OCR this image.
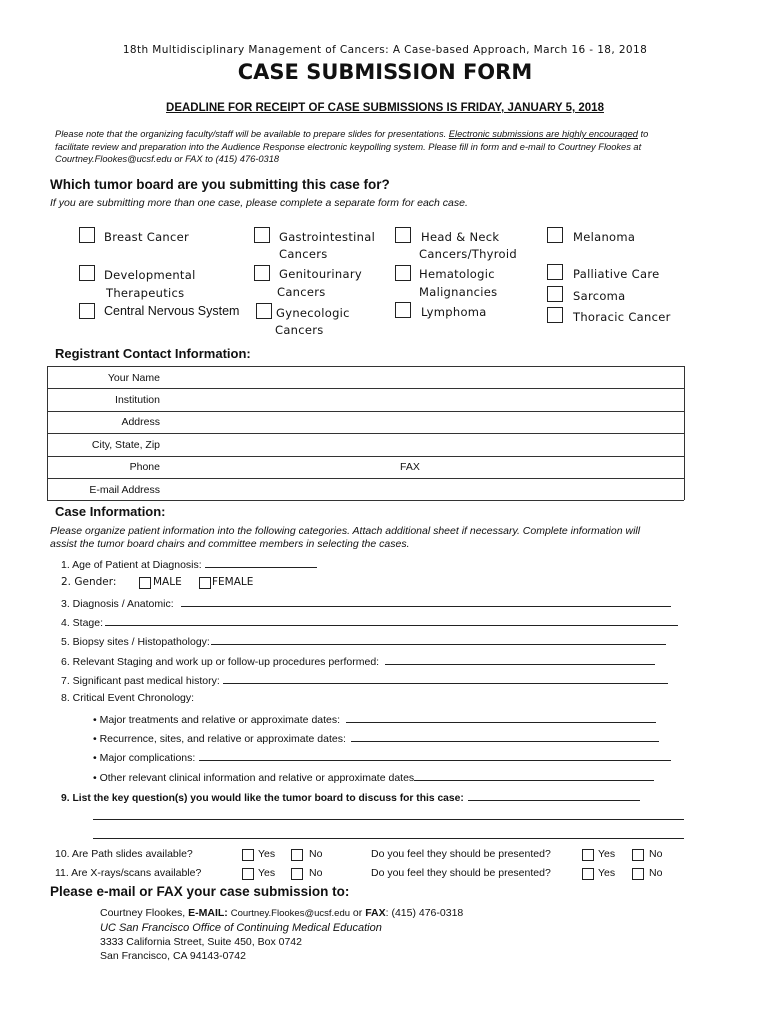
18th Multidisciplinary Management of Cancers: A Case-based Approach, March 16 - 18, 2018
CASE SUBMISSION FORM
DEADLINE FOR RECEIPT OF CASE SUBMISSIONS IS FRIDAY, JANUARY 5, 2018
Please note that the organizing faculty/staff will be available to prepare slides for presentations. Electronic submissions are highly encouraged to
facilitate review and preparation into the Audience Response electronic keypolling system. Please fill in form and e-mail to Courtney Flookes at
Courtney.Flookes@ucsf.edu or FAX to (415) 476-0318
Which tumor board are you submitting this case for?
If you are submitting more than one case, please complete a separate form for each case.
Breast Cancer
Developmental
Therapeutics
Central Nervous System
Gastrointestinal
Cancers
Genitourinary
Cancers
Gynecologic
Cancers
Head & Neck
Cancers/Thyroid
Hematologic
Malignancies
Lymphoma
Melanoma
Palliative Care
Sarcoma
Thoracic Cancer
Registrant Contact Information:
Your Name		
Institution		
Address		
City, State, Zip		
Phone		FAX
E-mail Address		
Case Information:
Please organize patient information into the following categories. Attach additional sheet if necessary. Complete information will
assist the tumor board chairs and committee members in selecting the cases.
1. Age of Patient at Diagnosis:
2. Gender:	MALE	FEMALE
3. Diagnosis / Anatomic:
4. Stage:
5. Biopsy sites / Histopathology:
6. Relevant Staging and work up or follow-up procedures performed:
7. Significant past medical history:
8. Critical Event Chronology:
• Major treatments and relative or approximate dates:
• Recurrence, sites, and relative or approximate dates:
• Major complications:
• Other relevant clinical information and relative or approximate dates
9. List the key question(s) you would like the tumor board to discuss for this case:
10. Are Path slides available?	Yes	No	Do you feel they should be presented?	Yes	No
11. Are X-rays/scans available?	Yes	No	Do you feel they should be presented?	Yes	No
Please e-mail or FAX your case submission to:
Courtney Flookes, E-MAIL: Courtney.Flookes@ucsf.edu or FAX: (415) 476-0318
UC San Francisco Office of Continuing Medical Education
3333 California Street, Suite 450, Box 0742
San Francisco, CA 94143-0742
